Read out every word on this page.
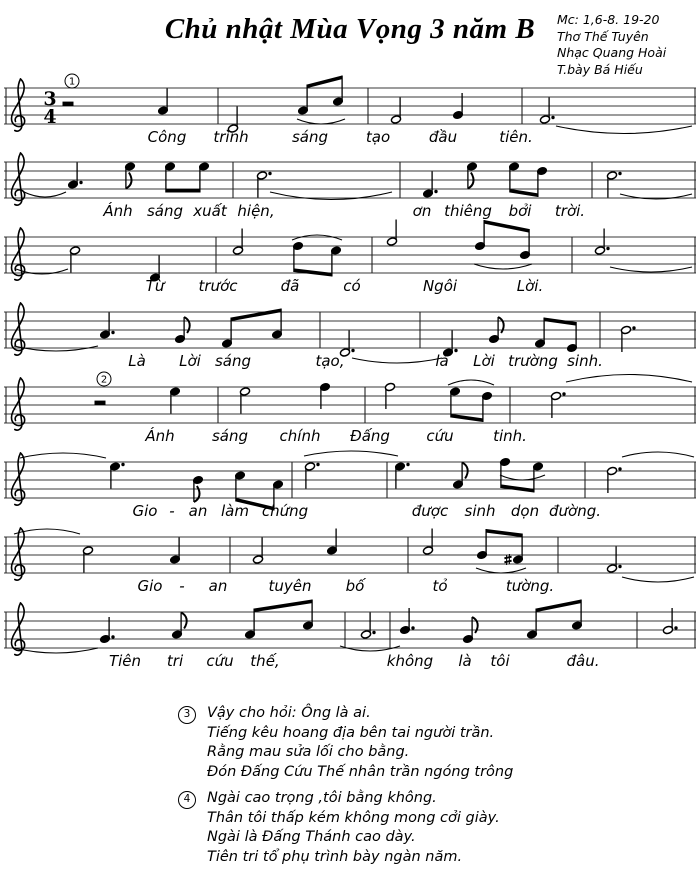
Chủ nhật Mùa Vọng 3 năm B	Mc: 1,6-8. 19-20
Thơ Thế Tuyên
Nhạc Quang Hoài
T.bày Bá Hiếu
3
4
1
Công trình	sáng	tạo	đầu	tiên.
Ánh sáng xuất hiện,	ơn thiêng bởi trời.
Từ trước	đã	có	Ngôi	Lời.
Là Lời sáng	tạo,	là Lời trường sinh.
2
Ánh sáng chính Đấng cứu	tinh.
Gio - an làm chứng	được sinh dọn đường.
Gio - an	tuyên bố	tỏ	tường.
Tiên tri cứu thế,	không là tôi	đâu.
3	Vậy cho hỏi: Ông là ai.
Tiếng kêu hoang địa bên tai người trần.
Rằng mau sửa lối cho bằng.
Đón Đấng Cứu Thế nhân trần ngóng trông
4	Ngài cao trọng ,tôi bằng không.
Thân tôi thấp kém không mong cởi giày.
Ngài là Đấng Thánh cao dày.
Tiên tri tổ phụ trình bày ngàn năm.
